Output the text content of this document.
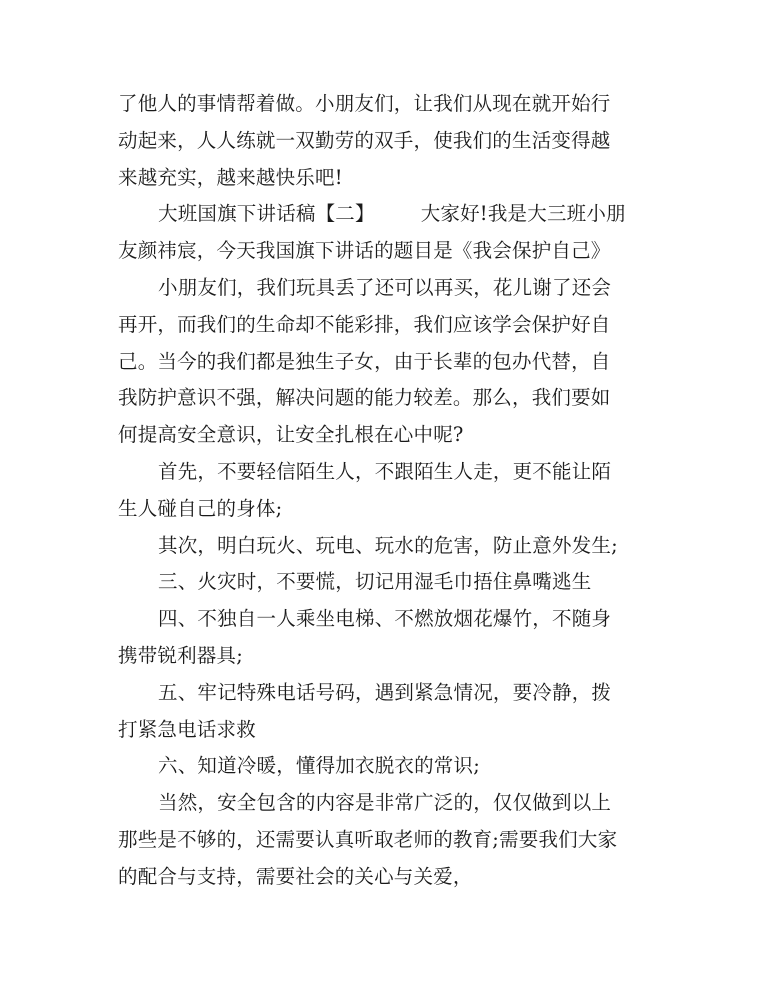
了他人的事情帮着做。小朋友们，让我们从现在就开始行
动起来，人人练就一双勤劳的双手，使我们的生活变得越
来越充实，越来越快乐吧!
大班国旗下讲话稿【二】 大家好!我是大三班小朋
友颜祎宸，今天我国旗下讲话的题目是《我会保护自己》
小朋友们，我们玩具丢了还可以再买，花儿谢了还会
再开，而我们的生命却不能彩排，我们应该学会保护好自
己。当今的我们都是独生子女，由于长辈的包办代替，自
我防护意识不强，解决问题的能力较差。那么，我们要如
何提高安全意识，让安全扎根在心中呢?
首先，不要轻信陌生人，不跟陌生人走，更不能让陌
生人碰自己的身体;
其次，明白玩火、玩电、玩水的危害，防止意外发生;
三、火灾时，不要慌，切记用湿毛巾捂住鼻嘴逃生
四、不独自一人乘坐电梯、不燃放烟花爆竹，不随身
携带锐利器具;
五、牢记特殊电话号码，遇到紧急情况，要冷静，拨
打紧急电话求救
六、知道冷暖，懂得加衣脱衣的常识;
当然，安全包含的内容是非常广泛的，仅仅做到以上
那些是不够的，还需要认真听取老师的教育;需要我们大家
的配合与支持，需要社会的关心与关爱，
